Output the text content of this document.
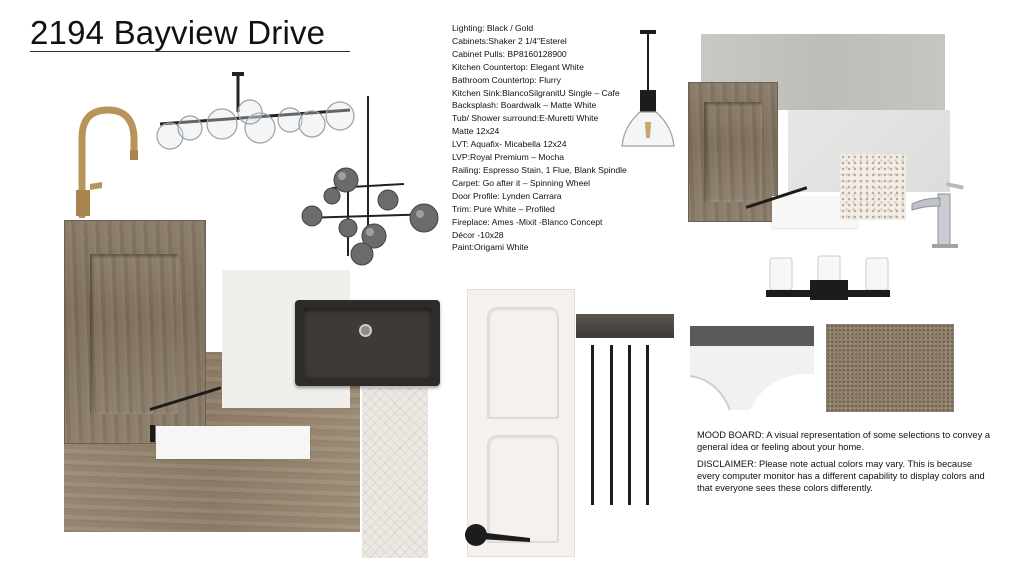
2194 Bayview Drive	Lighting: Black / Gold
Cabinets:Shaker 2 1/4"Esterel
Cabinet Pulls: BP8160128900
Kitchen Countertop: Elegant White
Bathroom Countertop: Flurry
Kitchen Sink:BlancoSilgranitU Single – Cafe
Backsplash: Boardwalk – Matte White
Tub/ Shower surround:E-Muretti White
Matte 12x24
LVT: Aquafix- Micabella 12x24
LVP:Royal Premium – Mocha
Railing: Espresso Stain, 1 Flue, Blank Spindle
Carpet: Go after it – Spinning Wheel
Door Profile: Lynden Carrara
Trim: Pure White – Profiled
Fireplace: Ames -Mixit -Blanco Concept
Décor -10x28
Paint:Origami White

MOOD BOARD: A visual representation of some selections to convey a general idea or feeling about your home.

DISCLAIMER: Please note actual colors may vary. This is because every computer monitor has a different capability to display colors and that everyone sees these colors differently.
